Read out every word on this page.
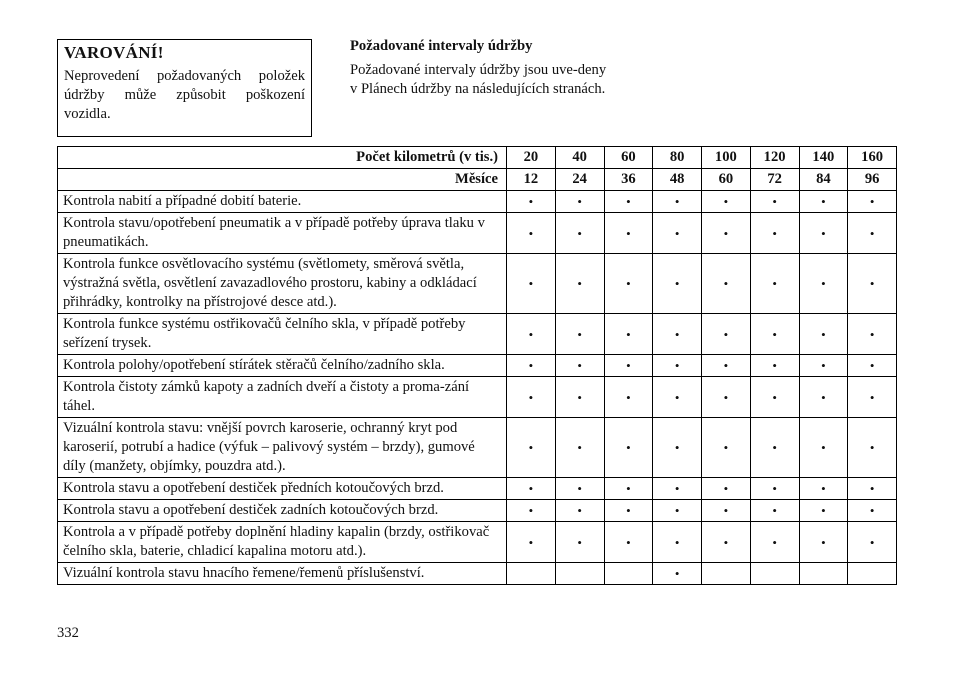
VAROVÁNÍ!

Neprovedení požadovaných položek údržby může způsobit poškození vozidla.

Požadované intervaly údržby

Požadované intervaly údržby jsou uve-deny v Plánech údržby na následujících stranách.

Počet kilometrů (v tis.)	20	40	60	80	100	120	140	160
Měsíce	12	24	36	48	60	72	84	96
Kontrola nabití a případné dobití baterie.	•	•	•	•	•	•	•	•
Kontrola stavu/opotřebení pneumatik a v případě potřeby úprava tlaku v pneumatikách.	•	•	•	•	•	•	•	•
Kontrola funkce osvětlovacího systému (světlomety, směrová světla, výstražná světla, osvětlení zavazadlového prostoru, kabiny a odkládací přihrádky, kontrolky na přístrojové desce atd.).	•	•	•	•	•	•	•	•
Kontrola funkce systému ostřikovačů čelního skla, v případě potřeby seřízení trysek.	•	•	•	•	•	•	•	•
Kontrola polohy/opotřebení stírátek stěračů čelního/zadního skla.	•	•	•	•	•	•	•	•
Kontrola čistoty zámků kapoty a zadních dveří a čistoty a proma-zání táhel.	•	•	•	•	•	•	•	•
Vizuální kontrola stavu: vnější povrch karoserie, ochranný kryt pod karoserií, potrubí a hadice (výfuk – palivový systém – brzdy), gumové díly (manžety, objímky, pouzdra atd.).	•	•	•	•	•	•	•	•
Kontrola stavu a opotřebení destiček předních kotoučových brzd.	•	•	•	•	•	•	•	•
Kontrola stavu a opotřebení destiček zadních kotoučových brzd.	•	•	•	•	•	•	•	•
Kontrola a v případě potřeby doplnění hladiny kapalin (brzdy, ostřikovač čelního skla, baterie, chladicí kapalina motoru atd.).	•	•	•	•	•	•	•	•
Vizuální kontrola stavu hnacího řemene/řemenů příslušenství.				•				
332
